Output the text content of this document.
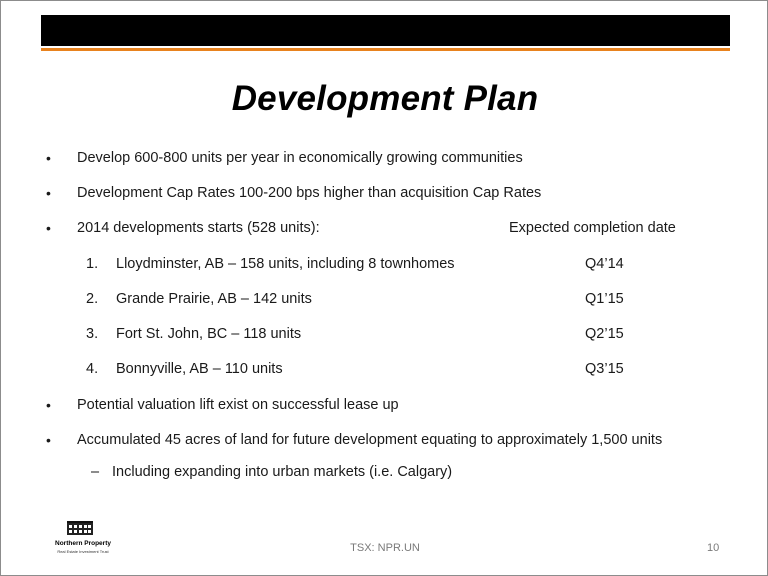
Development Plan
• Develop 600-800 units per year in economically growing communities
• Development Cap Rates 100-200 bps higher than acquisition Cap Rates
• 2014 developments starts (528 units):	Expected completion date
1. Lloydminster, AB – 158 units, including 8 townhomes	Q4’14
2. Grande Prairie, AB – 142 units	Q1’15
3. Fort St. John, BC – 118 units	Q2’15
4. Bonnyville, AB – 110 units	Q3’15
• Potential valuation lift exist on successful lease up
• Accumulated 45 acres of land for future development equating to approximately 1,500 units
– Including expanding into urban markets (i.e. Calgary)
Northern Property
Real Estate Investment Trust	TSX: NPR.UN	10
